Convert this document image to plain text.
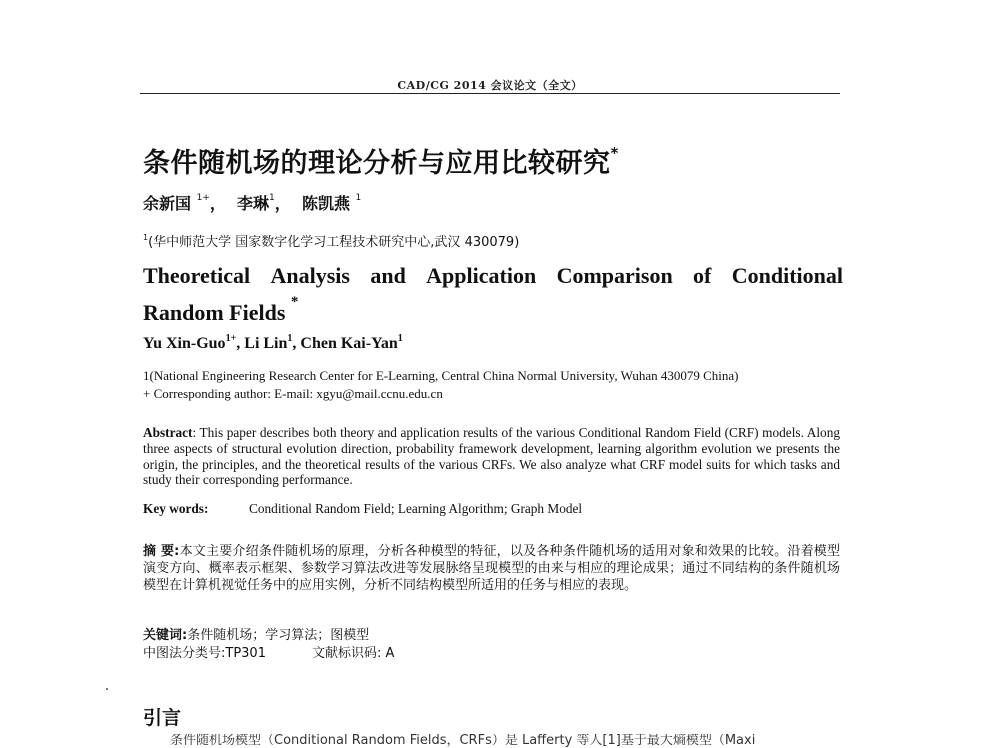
CAD/CG 2014 会议论文（全文）
条件随机场的理论分析与应用比较研究*
余新国 $^{1+}$， 李琳$^1$， 陈凯燕 $^1$
$^1$(华中师范大学 国家数字化学习工程技术研究中心,武汉 430079)
Theoretical Analysis and Application Comparison of Conditional
Random Fields *
Yu Xin-Guo$^{1+}$, Li Lin$^1$, Chen Kai-Yan$^1$
1(National Engineering Research Center for E-Learning, Central China Normal University, Wuhan 430079 China)
+ Corresponding author: E-mail: xgyu@mail.ccnu.edu.cn
Abstract: This paper describes both theory and application results of the various Conditional Random Field (CRF) models. Along three aspects of structural evolution direction, probability framework development, learning algorithm evolution we presents the origin, the principles, and the theoretical results of the various CRFs. We also analyze what CRF model suits for which tasks and study their corresponding performance.
Key words:	Conditional Random Field; Learning Algorithm; Graph Model
摘 要:本文主要介绍条件随机场的原理，分析各种模型的特征，以及各种条件随机场的适用对象和效果的比较。沿着模型演变方向、概率表示框架、参数学习算法改进等发展脉络呈现模型的由来与相应的理论成果；通过不同结构的条件随机场模型在计算机视觉任务中的应用实例，分析不同结构模型所适用的任务与相应的表现。
关键词:条件随机场；学习算法；图模型
中图法分类号:TP301	文献标识码: A
引言
条件随机场模型（Conditional Random Fields，CRFs）是 Lafferty 等人[1]基于最大熵模型（Maxi
